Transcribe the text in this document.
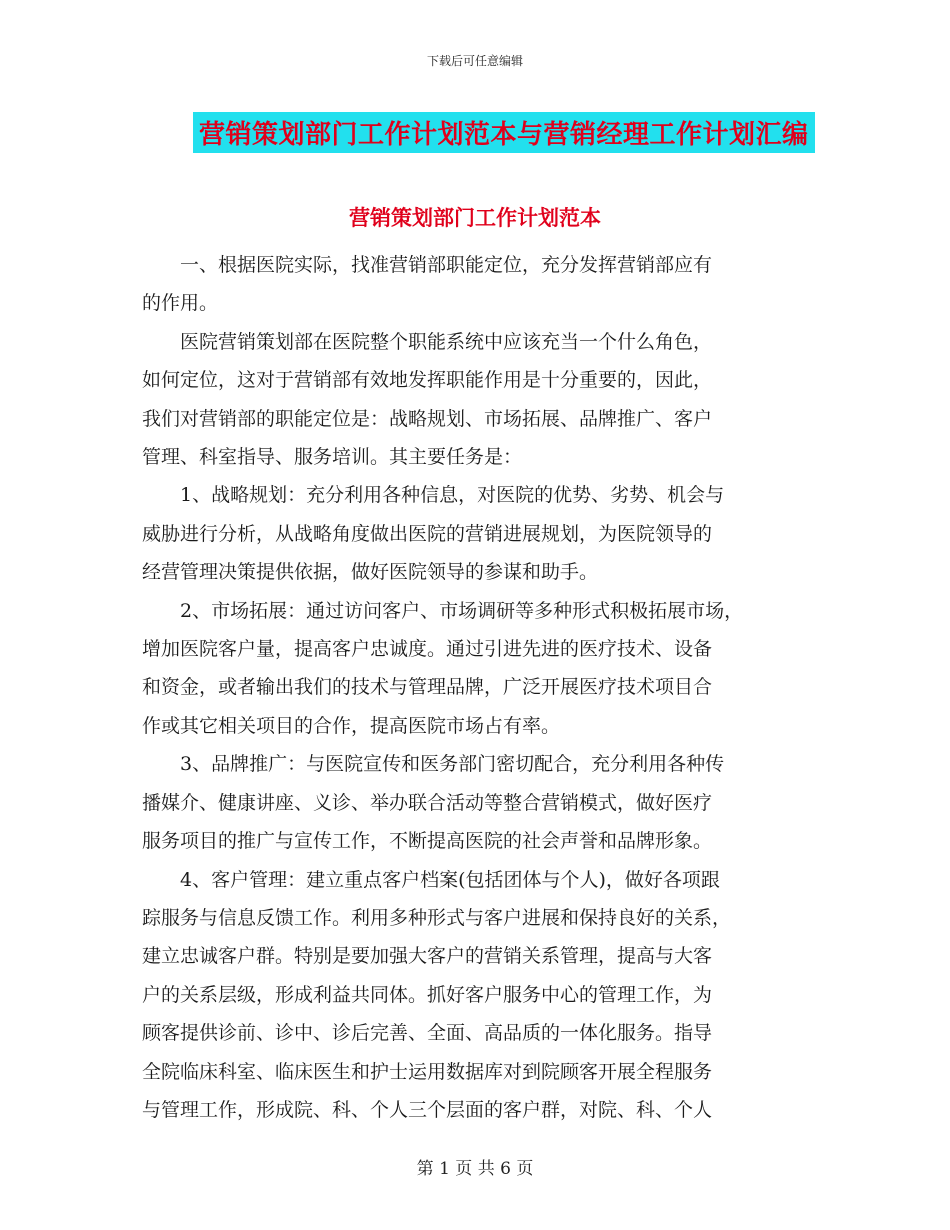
下载后可任意编辑
营销策划部门工作计划范本与营销经理工作计划汇编
营销策划部门工作计划范本

　　一、根据医院实际，找准营销部职能定位，充分发挥营销部应有

的作用。

　　医院营销策划部在医院整个职能系统中应该充当一个什么角色，

如何定位，这对于营销部有效地发挥职能作用是十分重要的，因此，

我们对营销部的职能定位是：战略规划、市场拓展、品牌推广、客户

管理、科室指导、服务培训。其主要任务是：

　　1、战略规划：充分利用各种信息，对医院的优势、劣势、机会与

威胁进行分析，从战略角度做出医院的营销进展规划，为医院领导的

经营管理决策提供依据，做好医院领导的参谋和助手。

　　2、市场拓展：通过访问客户、市场调研等多种形式积极拓展市场，

增加医院客户量，提高客户忠诚度。通过引进先进的医疗技术、设备

和资金，或者输出我们的技术与管理品牌，广泛开展医疗技术项目合

作或其它相关项目的合作，提高医院市场占有率。

　　3、品牌推广：与医院宣传和医务部门密切配合，充分利用各种传

播媒介、健康讲座、义诊、举办联合活动等整合营销模式，做好医疗

服务项目的推广与宣传工作，不断提高医院的社会声誉和品牌形象。

　　4、客户管理：建立重点客户档案(包括团体与个人)，做好各项跟

踪服务与信息反馈工作。利用多种形式与客户进展和保持良好的关系，

建立忠诚客户群。特别是要加强大客户的营销关系管理，提高与大客

户的关系层级，形成利益共同体。抓好客户服务中心的管理工作，为

顾客提供诊前、诊中、诊后完善、全面、高品质的一体化服务。指导

全院临床科室、临床医生和护士运用数据库对到院顾客开展全程服务

与管理工作，形成院、科、个人三个层面的客户群，对院、科、个人

第 1 页 共 6 页
